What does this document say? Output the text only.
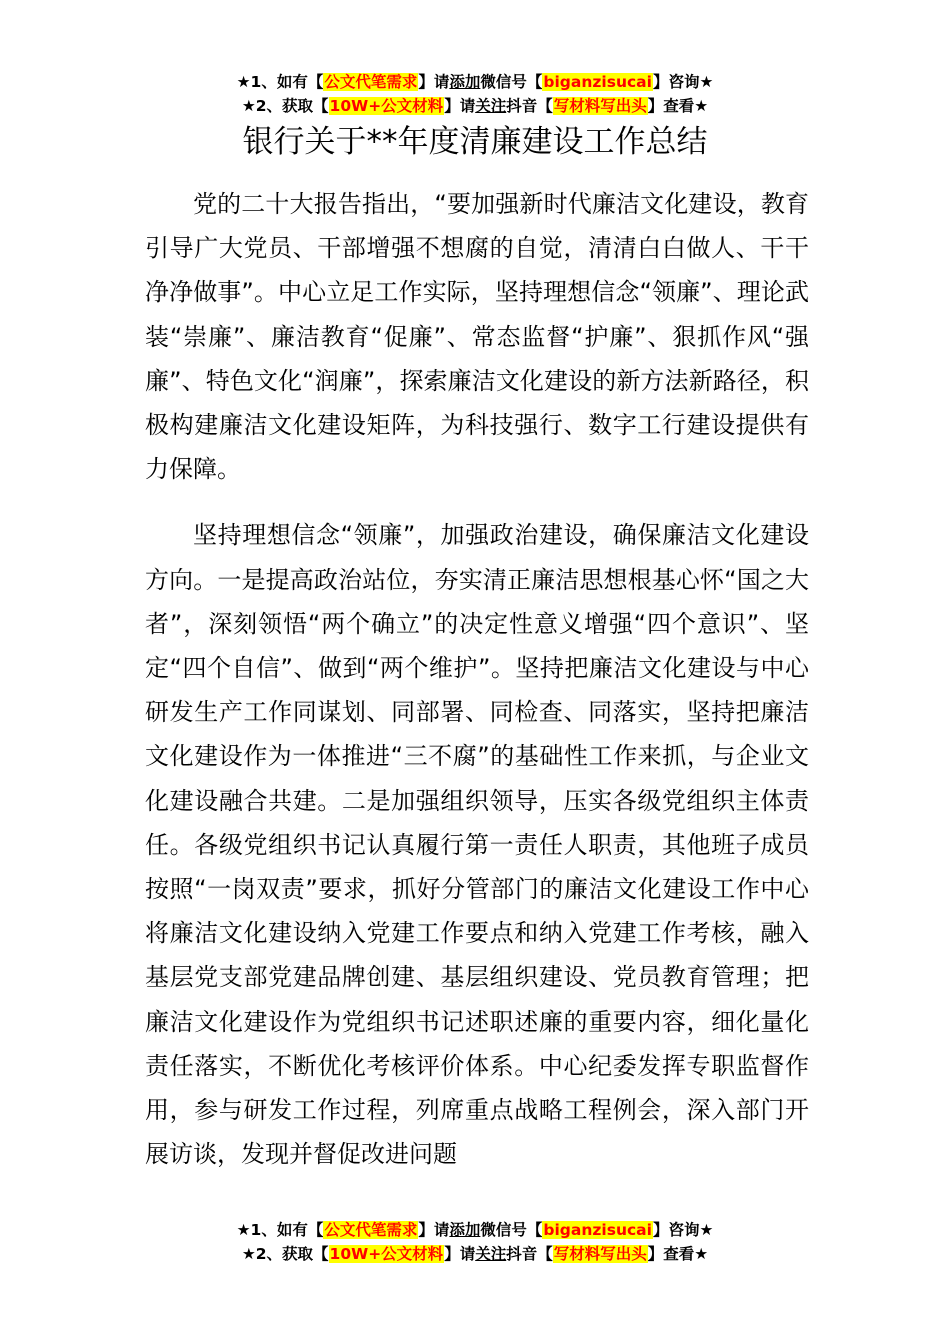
★1、如有【公文代笔需求】请添加微信号【biganzisucai】咨询★
★2、获取【10W+公文材料】请关注抖音【写材料写出头】查看★
银行关于**年度清廉建设工作总结

党的二十大报告指出，“要加强新时代廉洁文化建设，教育引导广大党员、干部增强不想腐的自觉，清清白白做人、干干净净做事”。中心立足工作实际，坚持理想信念“领廉”、理论武装“崇廉”、廉洁教育“促廉”、常态监督“护廉”、狠抓作风“强廉”、特色文化“润廉”，探索廉洁文化建设的新方法新路径，积极构建廉洁文化建设矩阵，为科技强行、数字工行建设提供有力保障。

坚持理想信念“领廉”，加强政治建设，确保廉洁文化建设方向。一是提高政治站位，夯实清正廉洁思想根基心怀“国之大者”，深刻领悟“两个确立”的决定性意义增强“四个意识”、坚定“四个自信”、做到“两个维护”。坚持把廉洁文化建设与中心研发生产工作同谋划、同部署、同检查、同落实，坚持把廉洁文化建设作为一体推进“三不腐”的基础性工作来抓，与企业文化建设融合共建。二是加强组织领导，压实各级党组织主体责任。各级党组织书记认真履行第一责任人职责，其他班子成员按照“一岗双责”要求，抓好分管部门的廉洁文化建设工作中心将廉洁文化建设纳入党建工作要点和纳入党建工作考核，融入基层党支部党建品牌创建、基层组织建设、党员教育管理；把廉洁文化建设作为党组织书记述职述廉的重要内容，细化量化责任落实，不断优化考核评价体系。中心纪委发挥专职监督作用，参与研发工作过程，列席重点战略工程例会，深入部门开展访谈，发现并督促改进问题

★1、如有【公文代笔需求】请添加微信号【biganzisucai】咨询★
★2、获取【10W+公文材料】请关注抖音【写材料写出头】查看★
